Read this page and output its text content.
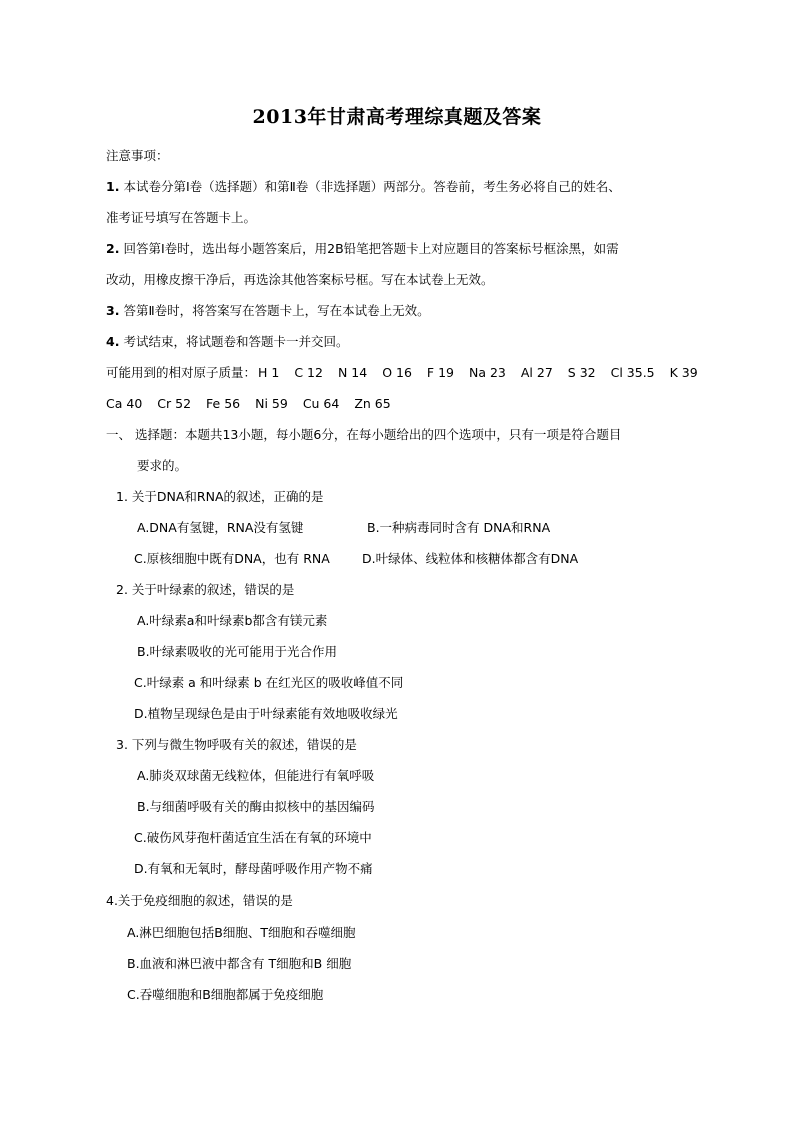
2013年甘肃高考理综真题及答案
注意事项：
1. 本试卷分第Ⅰ卷（选择题）和第Ⅱ卷（非选择题）两部分。答卷前，考生务必将自己的姓名、
准考证号填写在答题卡上。
2. 回答第Ⅰ卷时，选出每小题答案后，用2B铅笔把答题卡上对应题目的答案标号框涂黑，如需
改动，用橡皮擦干净后，再选涂其他答案标号框。写在本试卷上无效。
3. 答第Ⅱ卷时，将答案写在答题卡上，写在本试卷上无效。
4. 考试结束，将试题卷和答题卡一并交回。
可能用到的相对原子质量： H 1 C 12 N 14 O 16 F 19 Na 23 Al 27 S 32 Cl 35.5 K 39
Ca 40 Cr 52 Fe 56 Ni 59 Cu 64 Zn 65
一、 选择题：本题共13小题，每小题6分，在每小题给出的四个选项中，只有一项是符合题目
要求的。
1. 关于DNA和RNA的叙述，正确的是
A.DNA有氢键，RNA没有氢键	B.一种病毒同时含有 DNA和RNA
C.原核细胞中既有DNA，也有 RNA	D.叶绿体、线粒体和核糖体都含有DNA
2. 关于叶绿素的叙述，错误的是
A.叶绿素a和叶绿素b都含有镁元素
B.叶绿素吸收的光可能用于光合作用
C.叶绿素 a 和叶绿素 b 在红光区的吸收峰值不同
D.植物呈现绿色是由于叶绿素能有效地吸收绿光
3. 下列与微生物呼吸有关的叙述，错误的是
A.肺炎双球菌无线粒体，但能进行有氧呼吸
B.与细菌呼吸有关的酶由拟核中的基因编码
C.破伤风芽孢杆菌适宜生活在有氧的环境中
D.有氧和无氧时，酵母菌呼吸作用产物不痛
4.关于免疫细胞的叙述，错误的是
A.淋巴细胞包括B细胞、T细胞和吞噬细胞
B.血液和淋巴液中都含有 T细胞和B 细胞
C.吞噬细胞和B细胞都属于免疫细胞
